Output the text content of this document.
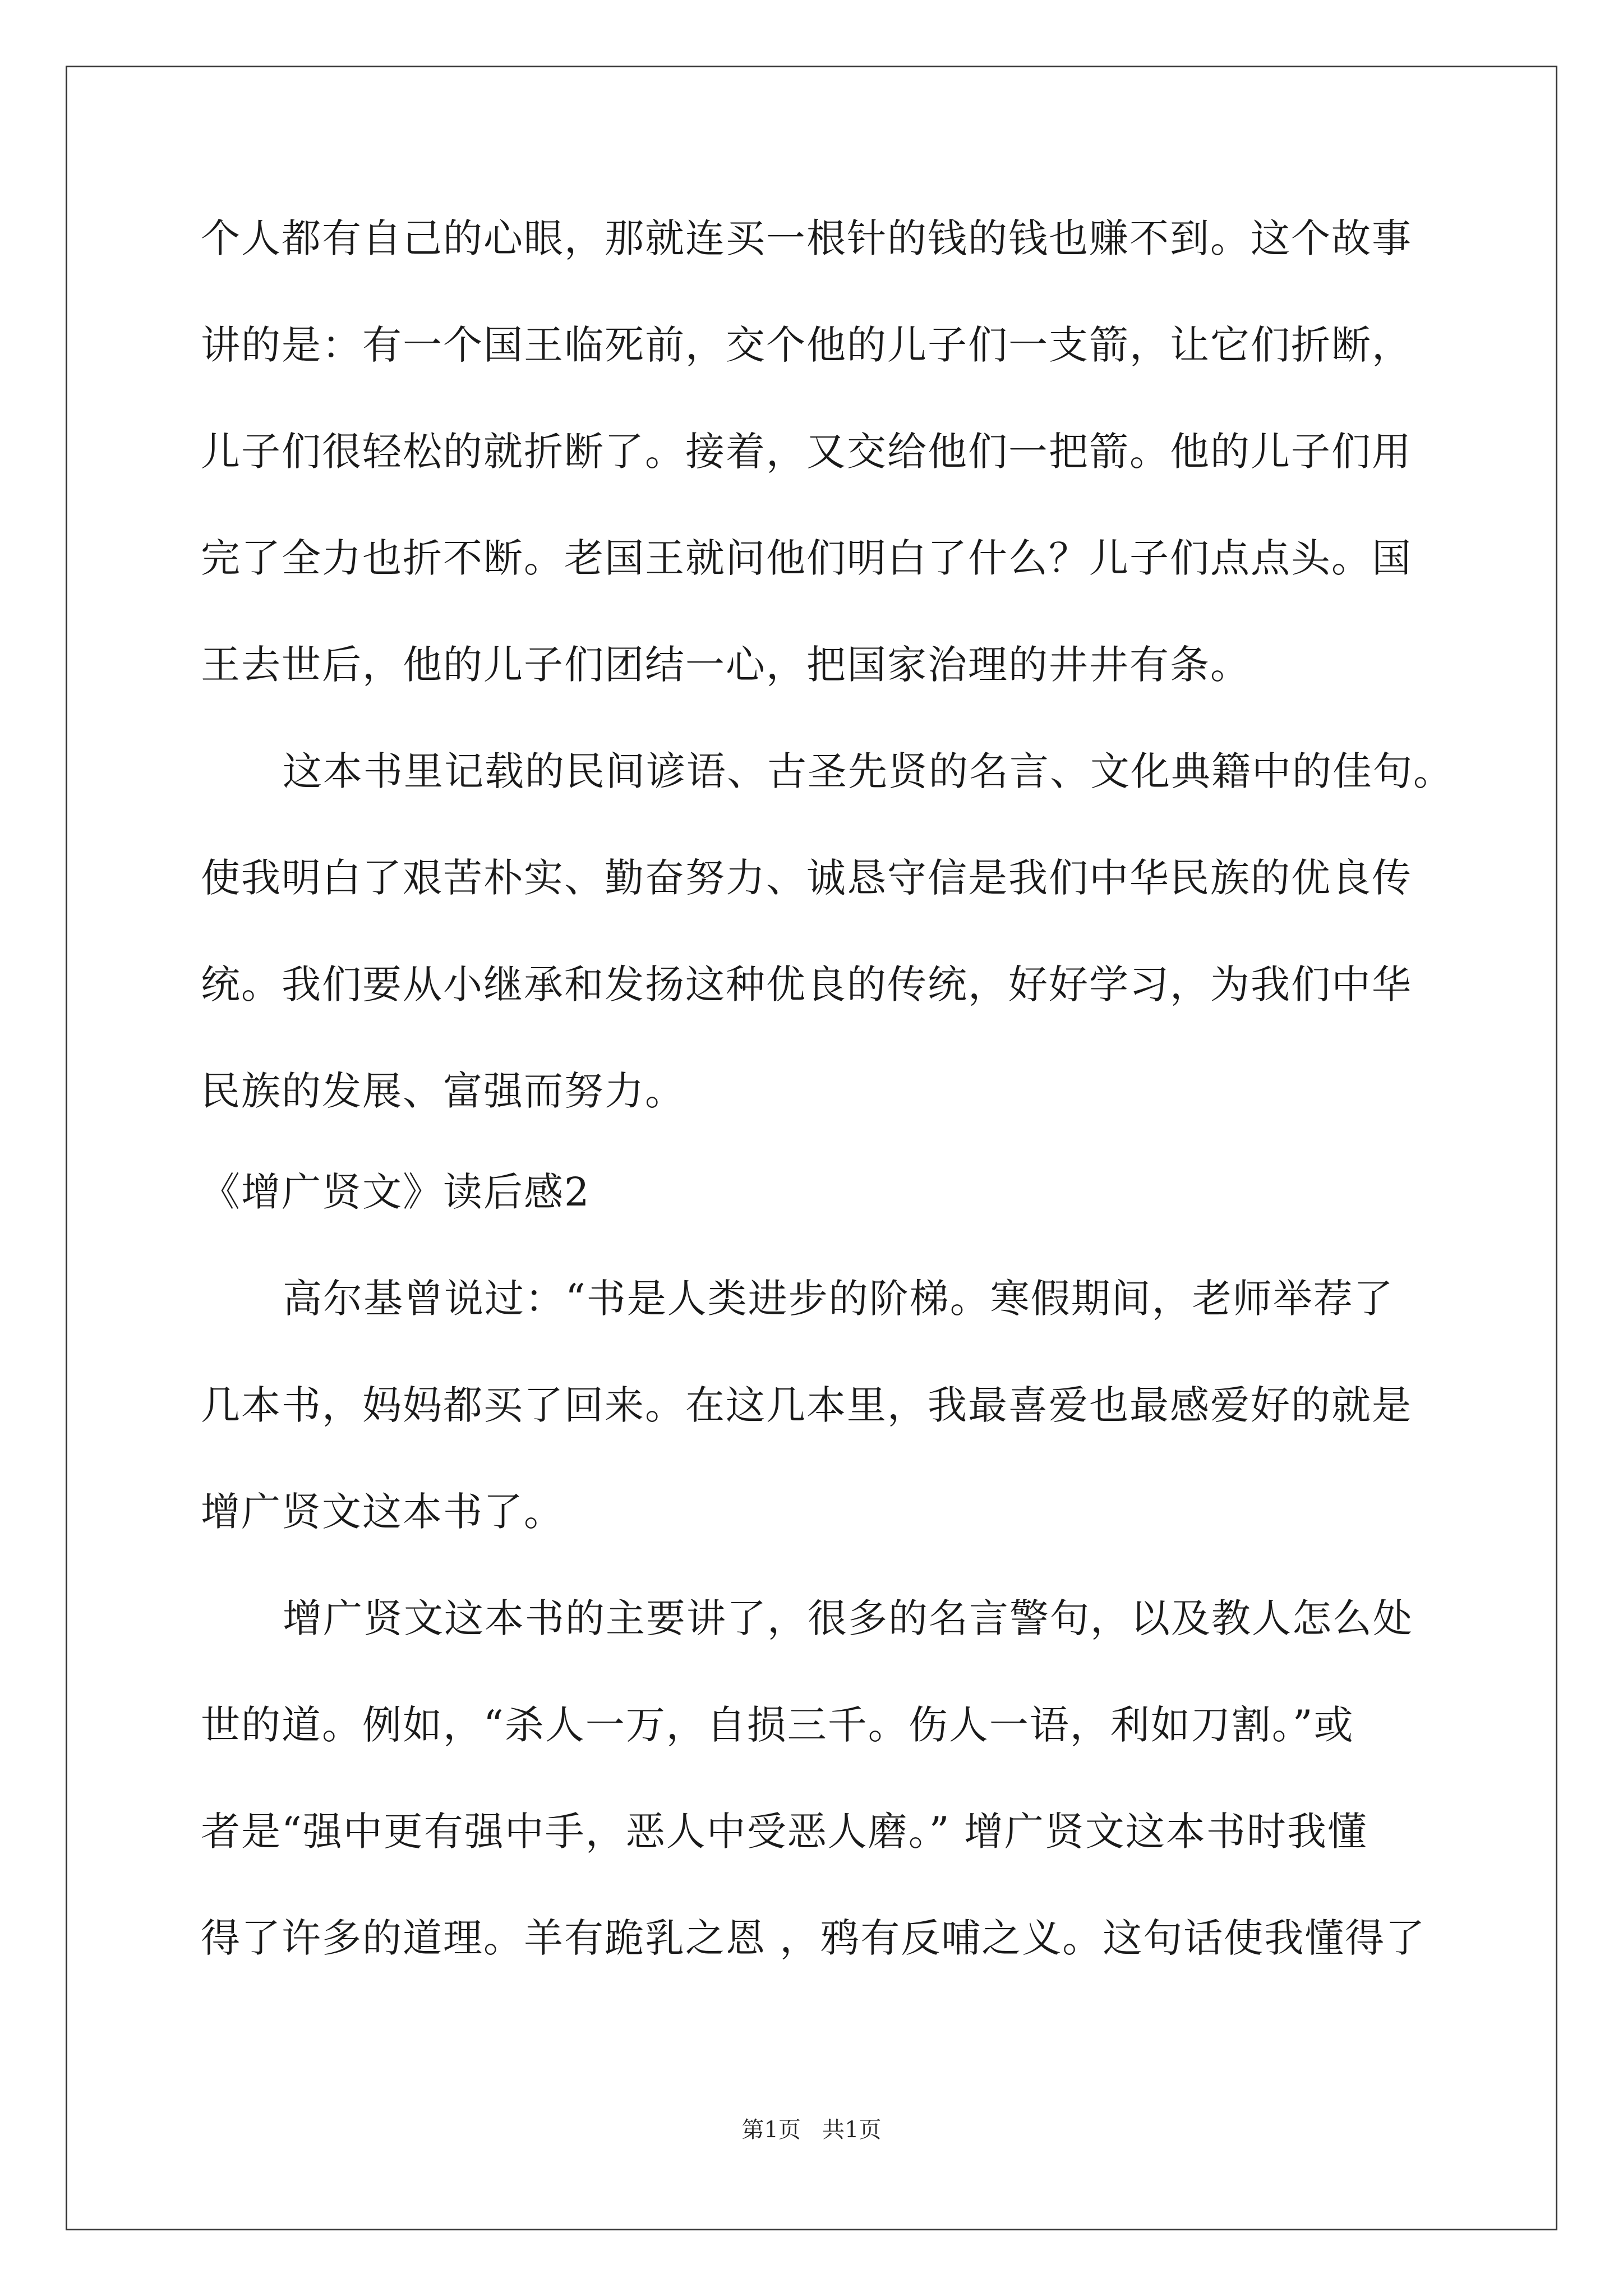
个人都有自己的心眼，那就连买一根针的钱的钱也赚不到。这个故事
讲的是：有一个国王临死前，交个他的儿子们一支箭，让它们折断，
儿子们很轻松的就折断了。接着，又交给他们一把箭。他的儿子们用
完了全力也折不断。老国王就问他们明白了什么？儿子们点点头。国
王去世后，他的儿子们团结一心，把国家治理的井井有条。
这本书里记载的民间谚语、古圣先贤的名言、文化典籍中的佳句。
使我明白了艰苦朴实、勤奋努力、诚恳守信是我们中华民族的优良传
统。我们要从小继承和发扬这种优良的传统，好好学习，为我们中华
民族的发展、富强而努力。
《增广贤文》读后感2
高尔基曾说过：“书是人类进步的阶梯。寒假期间，老师举荐了
几本书，妈妈都买了回来。在这几本里，我最喜爱也最感爱好的就是
增广贤文这本书了。
增广贤文这本书的主要讲了，很多的名言警句，以及教人怎么处
世的道。例如，“杀人一万，自损三千。伤人一语，利如刀割。”或
者是“强中更有强中手，恶人中受恶人磨。” 增广贤文这本书时我懂
得了许多的道理。羊有跪乳之恩 ，鸦有反哺之义。这句话使我懂得了
第1页   共1页
